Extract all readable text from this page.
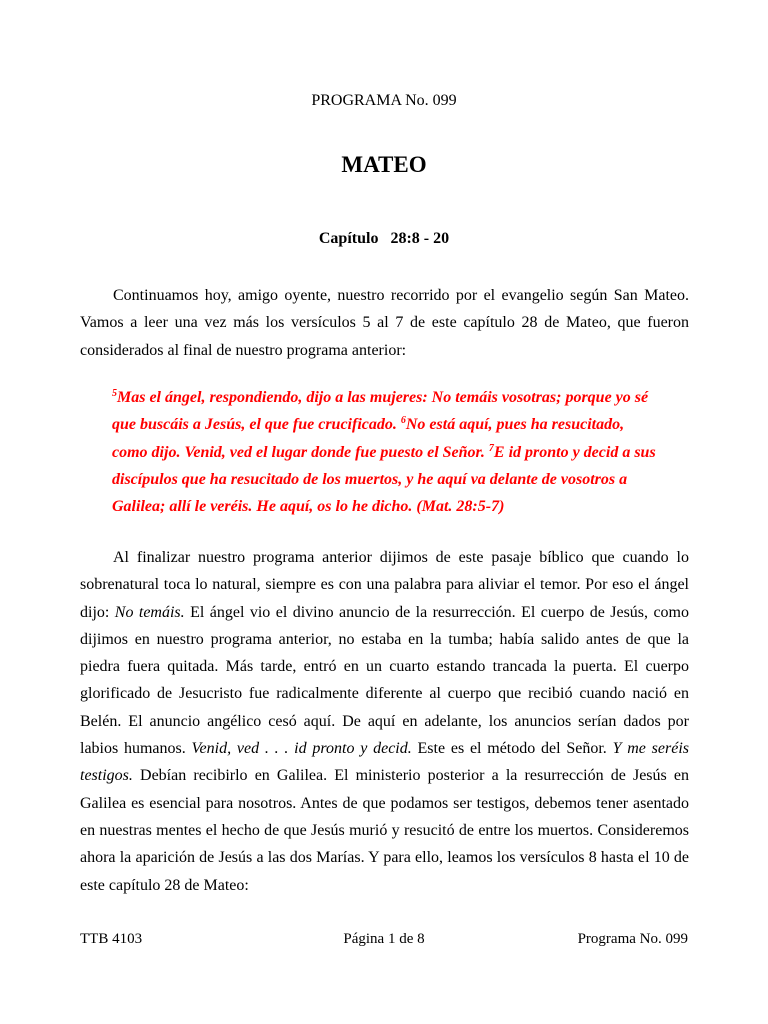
PROGRAMA No. 099
MATEO
Capítulo   28:8 - 20

Continuamos hoy, amigo oyente, nuestro recorrido por el evangelio según San Mateo. Vamos a leer una vez más los versículos 5 al 7 de este capítulo 28 de Mateo, que fueron considerados al final de nuestro programa anterior:

$^5$Mas el ángel, respondiendo, dijo a las mujeres: No temáis vosotras; porque yo sé que buscáis a Jesús, el que fue crucificado. $^6$No está aquí, pues ha resucitado, como dijo. Venid, ved el lugar donde fue puesto el Señor. $^7$E id pronto y decid a sus discípulos que ha resucitado de los muertos, y he aquí va delante de vosotros a Galilea; allí le veréis. He aquí, os lo he dicho. (Mat. 28:5-7)

Al finalizar nuestro programa anterior dijimos de este pasaje bíblico que cuando lo sobrenatural toca lo natural, siempre es con una palabra para aliviar el temor. Por eso el ángel dijo: No temáis. El ángel vio el divino anuncio de la resurrección. El cuerpo de Jesús, como dijimos en nuestro programa anterior, no estaba en la tumba; había salido antes de que la piedra fuera quitada. Más tarde, entró en un cuarto estando trancada la puerta. El cuerpo glorificado de Jesucristo fue radicalmente diferente al cuerpo que recibió cuando nació en Belén. El anuncio angélico cesó aquí. De aquí en adelante, los anuncios serían dados por labios humanos. Venid, ved . . . id pronto y decid. Este es el método del Señor. Y me seréis testigos. Debían recibirlo en Galilea. El ministerio posterior a la resurrección de Jesús en Galilea es esencial para nosotros. Antes de que podamos ser testigos, debemos tener asentado en nuestras mentes el hecho de que Jesús murió y resucitó de entre los muertos. Consideremos ahora la aparición de Jesús a las dos Marías. Y para ello, leamos los versículos 8 hasta el 10 de este capítulo 28 de Mateo:

TTB 4103	Página 1 de 8	Programa No. 099
